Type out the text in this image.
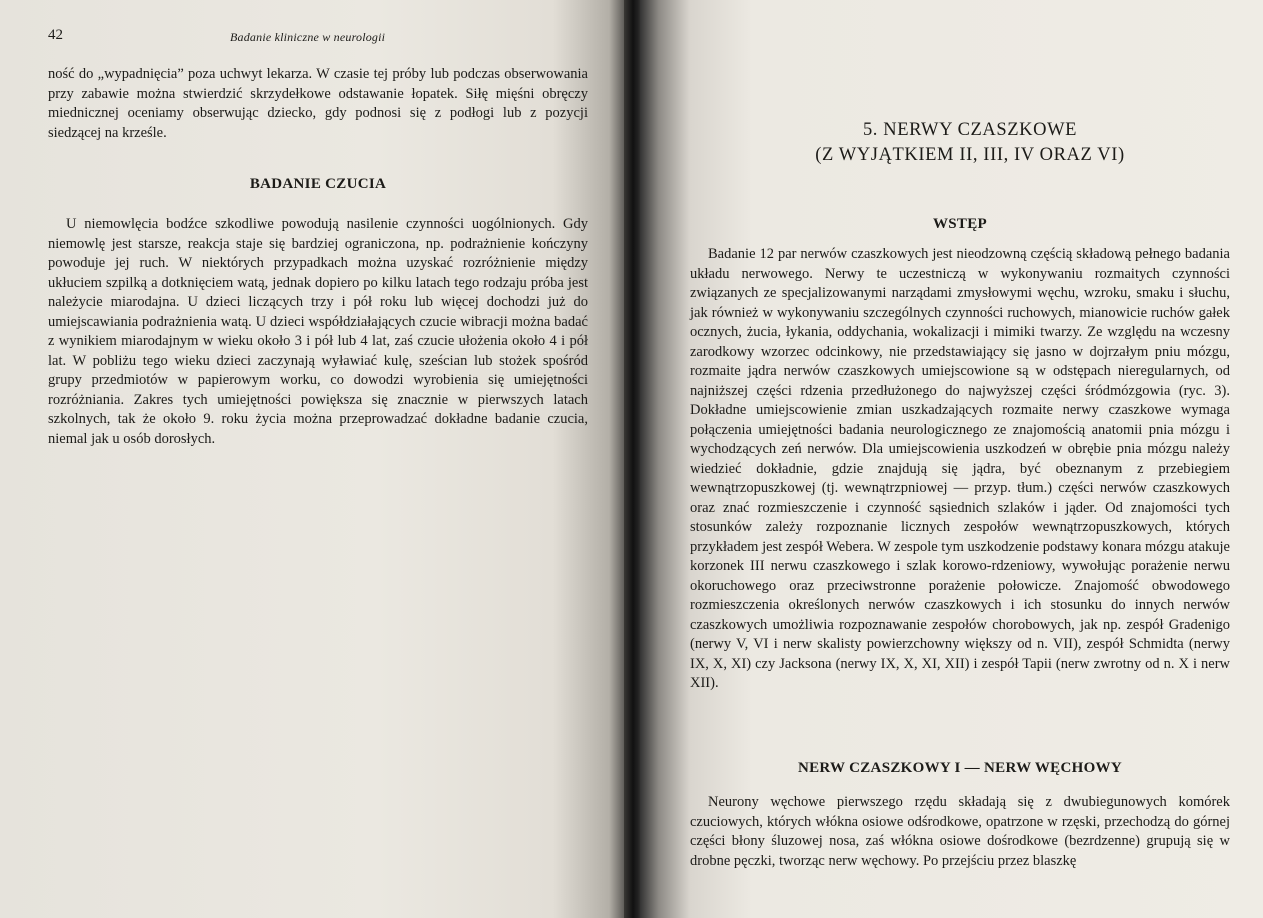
42	Badanie kliniczne w neurologii

ność do „wypadnięcia” poza uchwyt lekarza. W czasie tej próby lub podczas obserwowania przy zabawie można stwierdzić skrzydełkowe odstawanie łopatek. Siłę mięśni obręczy miednicznej oceniamy obserwując dziecko, gdy podnosi się z podłogi lub z pozycji siedzącej na krześle.

BADANIE CZUCIA

U niemowlęcia bodźce szkodliwe powodują nasilenie czynności uogólnionych. Gdy niemowlę jest starsze, reakcja staje się bardziej ograniczona, np. podrażnienie kończyny powoduje jej ruch. W niektórych przypadkach można uzyskać rozróżnienie między ukłuciem szpilką a dotknięciem watą, jednak dopiero po kilku latach tego rodzaju próba jest należycie miarodajna. U dzieci liczących trzy i pół roku lub więcej dochodzi już do umiejscawiania podrażnienia watą. U dzieci współdziałających czucie wibracji można badać z wynikiem miarodajnym w wieku około 3 i pół lub 4 lat, zaś czucie ułożenia około 4 i pół lat. W pobliżu tego wieku dzieci zaczynają wyławiać kulę, sześcian lub stożek spośród grupy przedmiotów w papierowym worku, co dowodzi wyrobienia się umiejętności rozróżniania. Zakres tych umiejętności powiększa się znacznie w pierwszych latach szkolnych, tak że około 9. roku życia można przeprowadzać dokładne badanie czucia, niemal jak u osób dorosłych.

5. NERWY CZASZKOWE
(Z WYJĄTKIEM II, III, IV ORAZ VI)
WSTĘP

Badanie 12 par nerwów czaszkowych jest nieodzowną częścią składową pełnego badania układu nerwowego. Nerwy te uczestniczą w wykonywaniu rozmaitych czynności związanych ze specjalizowanymi narządami zmysłowymi węchu, wzroku, smaku i słuchu, jak również w wykonywaniu szczególnych czynności ruchowych, mianowicie ruchów gałek ocznych, żucia, łykania, oddychania, wokalizacji i mimiki twarzy. Ze względu na wczesny zarodkowy wzorzec odcinkowy, nie przedstawiający się jasno w dojrzałym pniu mózgu, rozmaite jądra nerwów czaszkowych umiejscowione są w odstępach nieregularnych, od najniższej części rdzenia przedłużonego do najwyższej części śródmózgowia (ryc. 3). Dokładne umiejscowienie zmian uszkadzających rozmaite nerwy czaszkowe wymaga połączenia umiejętności badania neurologicznego ze znajomością anatomii pnia mózgu i wychodzących zeń nerwów. Dla umiejscowienia uszkodzeń w obrębie pnia mózgu należy wiedzieć dokładnie, gdzie znajdują się jądra, być obeznanym z przebiegiem wewnątrzopuszkowej (tj. wewnątrzpniowej — przyp. tłum.) części nerwów czaszkowych oraz znać rozmieszczenie i czynność sąsiednich szlaków i jąder. Od znajomości tych stosunków zależy rozpoznanie licznych zespołów wewnątrzopuszkowych, których przykładem jest zespół Webera. W zespole tym uszkodzenie podstawy konara mózgu atakuje korzonek III nerwu czaszkowego i szlak korowo-rdzeniowy, wywołując porażenie nerwu okoruchowego oraz przeciwstronne porażenie połowicze. Znajomość obwodowego rozmieszczenia określonych nerwów czaszkowych i ich stosunku do innych nerwów czaszkowych umożliwia rozpoznawanie zespołów chorobowych, jak np. zespół Gradenigo (nerwy V, VI i nerw skalisty powierzchowny większy od n. VII), zespół Schmidta (nerwy IX, X, XI) czy Jacksona (nerwy IX, X, XI, XII) i zespół Tapii (nerw zwrotny od n. X i nerw XII).

NERW CZASZKOWY I — NERW WĘCHOWY

Neurony węchowe pierwszego rzędu składają się z dwubiegunowych komórek czuciowych, których włókna osiowe odśrodkowe, opatrzone w rzęski, przechodzą do górnej części błony śluzowej nosa, zaś włókna osiowe dośrodkowe (bezrdzenne) grupują się w drobne pęczki, tworząc nerw węchowy. Po przejściu przez blaszkę
